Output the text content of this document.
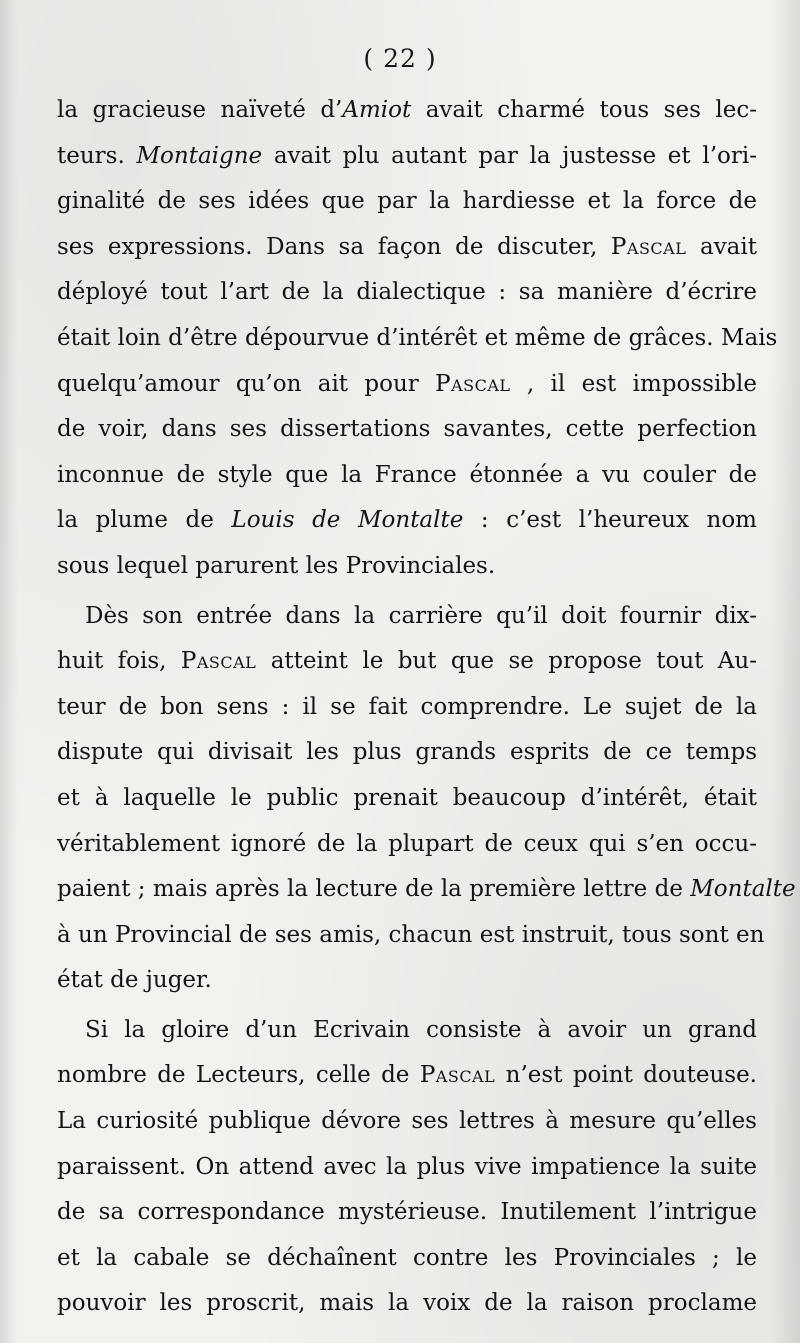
( 22 )
la gracieuse naïveté d’Amiot avait charmé tous ses lec-
teurs. Montaigne avait plu autant par la justesse et l’ori-
ginalité de ses idées que par la hardiesse et la force de
ses expressions. Dans sa façon de discuter, Pascal avait
déployé tout l’art de la dialectique : sa manière d’écrire
était loin d’être dépourvue d’intérêt et même de grâces. Mais
quelqu’amour qu’on ait pour Pascal , il est impossible
de voir, dans ses dissertations savantes, cette perfection
inconnue de style que la France étonnée a vu couler de
la plume de Louis de Montalte : c’est l’heureux nom
sous lequel parurent les Provinciales.
Dès son entrée dans la carrière qu’il doit fournir dix-
huit fois, Pascal atteint le but que se propose tout Au-
teur de bon sens : il se fait comprendre. Le sujet de la
dispute qui divisait les plus grands esprits de ce temps
et à laquelle le public prenait beaucoup d’intérêt, était
véritablement ignoré de la plupart de ceux qui s’en occu-
paient ; mais après la lecture de la première lettre de Montalte
à un Provincial de ses amis, chacun est instruit, tous sont en
état de juger.
Si la gloire d’un Ecrivain consiste à avoir un grand
nombre de Lecteurs, celle de Pascal n’est point douteuse.
La curiosité publique dévore ses lettres à mesure qu’elles
paraissent. On attend avec la plus vive impatience la suite
de sa correspondance mystérieuse. Inutilement l’intrigue
et la cabale se déchaînent contre les Provinciales ; le
pouvoir les proscrit, mais la voix de la raison proclame
